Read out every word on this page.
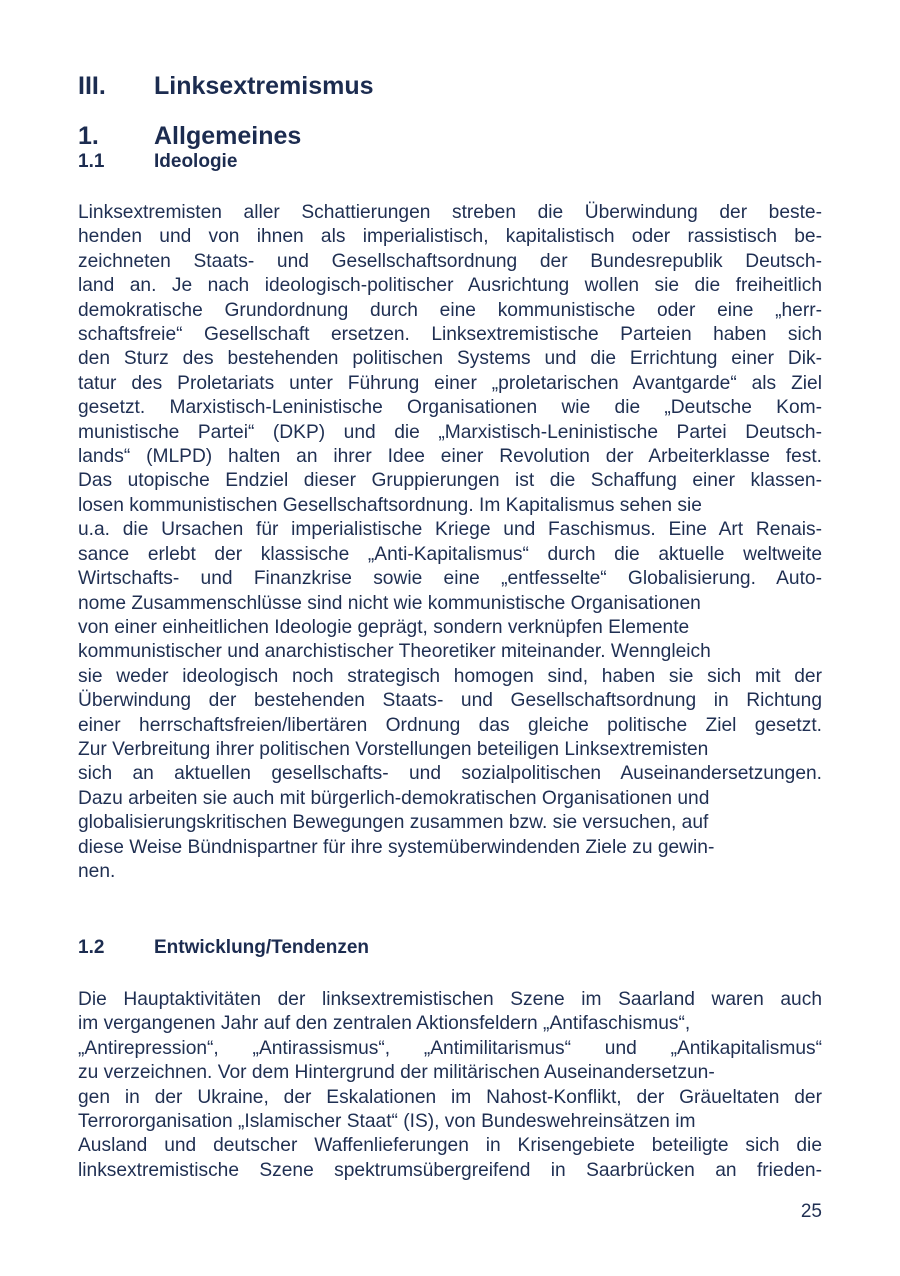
III. Linksextremismus
1. Allgemeines
1.1	Ideologie

Linksextremisten aller Schattierungen streben die Überwindung der beste-
henden und von ihnen als imperialistisch, kapitalistisch oder rassistisch be-
zeichneten Staats- und Gesellschaftsordnung der Bundesrepublik Deutsch-
land an. Je nach ideologisch-politischer Ausrichtung wollen sie die freiheitlich
demokratische Grundordnung durch eine kommunistische oder eine „herr-
schaftsfreie“ Gesellschaft ersetzen. Linksextremistische Parteien haben sich
den Sturz des bestehenden politischen Systems und die Errichtung einer Dik-
tatur des Proletariats unter Führung einer „proletarischen Avantgarde“ als Ziel
gesetzt. Marxistisch-Leninistische Organisationen wie die „Deutsche Kom-
munistische Partei“ (DKP) und die „Marxistisch-Leninistische Partei Deutsch-
lands“ (MLPD) halten an ihrer Idee einer Revolution der Arbeiterklasse fest.
Das utopische Endziel dieser Gruppierungen ist die Schaffung einer klassen-
losen kommunistischen Gesellschaftsordnung. Im Kapitalismus sehen sie
u.a. die Ursachen für imperialistische Kriege und Faschismus. Eine Art Renais-
sance erlebt der klassische „Anti-Kapitalismus“ durch die aktuelle weltweite
Wirtschafts- und Finanzkrise sowie eine „entfesselte“ Globalisierung. Auto-
nome Zusammenschlüsse sind nicht wie kommunistische Organisationen
von einer einheitlichen Ideologie geprägt, sondern verknüpfen Elemente
kommunistischer und anarchistischer Theoretiker miteinander. Wenngleich
sie weder ideologisch noch strategisch homogen sind, haben sie sich mit der
Überwindung der bestehenden Staats- und Gesellschaftsordnung in Richtung
einer herrschaftsfreien/libertären Ordnung das gleiche politische Ziel gesetzt.
Zur Verbreitung ihrer politischen Vorstellungen beteiligen Linksextremisten
sich an aktuellen gesellschafts- und sozialpolitischen Auseinandersetzungen.
Dazu arbeiten sie auch mit bürgerlich-demokratischen Organisationen und
globalisierungskritischen Bewegungen zusammen bzw. sie versuchen, auf
diese Weise Bündnispartner für ihre systemüberwindenden Ziele zu gewin-
nen.

1.2	Entwicklung/Tendenzen

Die Hauptaktivitäten der linksextremistischen Szene im Saarland waren auch
im vergangenen Jahr auf den zentralen Aktionsfeldern „Antifaschismus“,
„Antirepression“, „Antirassismus“, „Antimilitarismus“ und „Antikapitalismus“
zu verzeichnen. Vor dem Hintergrund der militärischen Auseinandersetzun-
gen in der Ukraine, der Eskalationen im Nahost-Konflikt, der Gräueltaten der
Terrororganisation „Islamischer Staat“ (IS), von Bundeswehreinsätzen im
Ausland und deutscher Waffenlieferungen in Krisengebiete beteiligte sich die
linksextremistische Szene spektrumsübergreifend in Saarbrücken an frieden-

25
